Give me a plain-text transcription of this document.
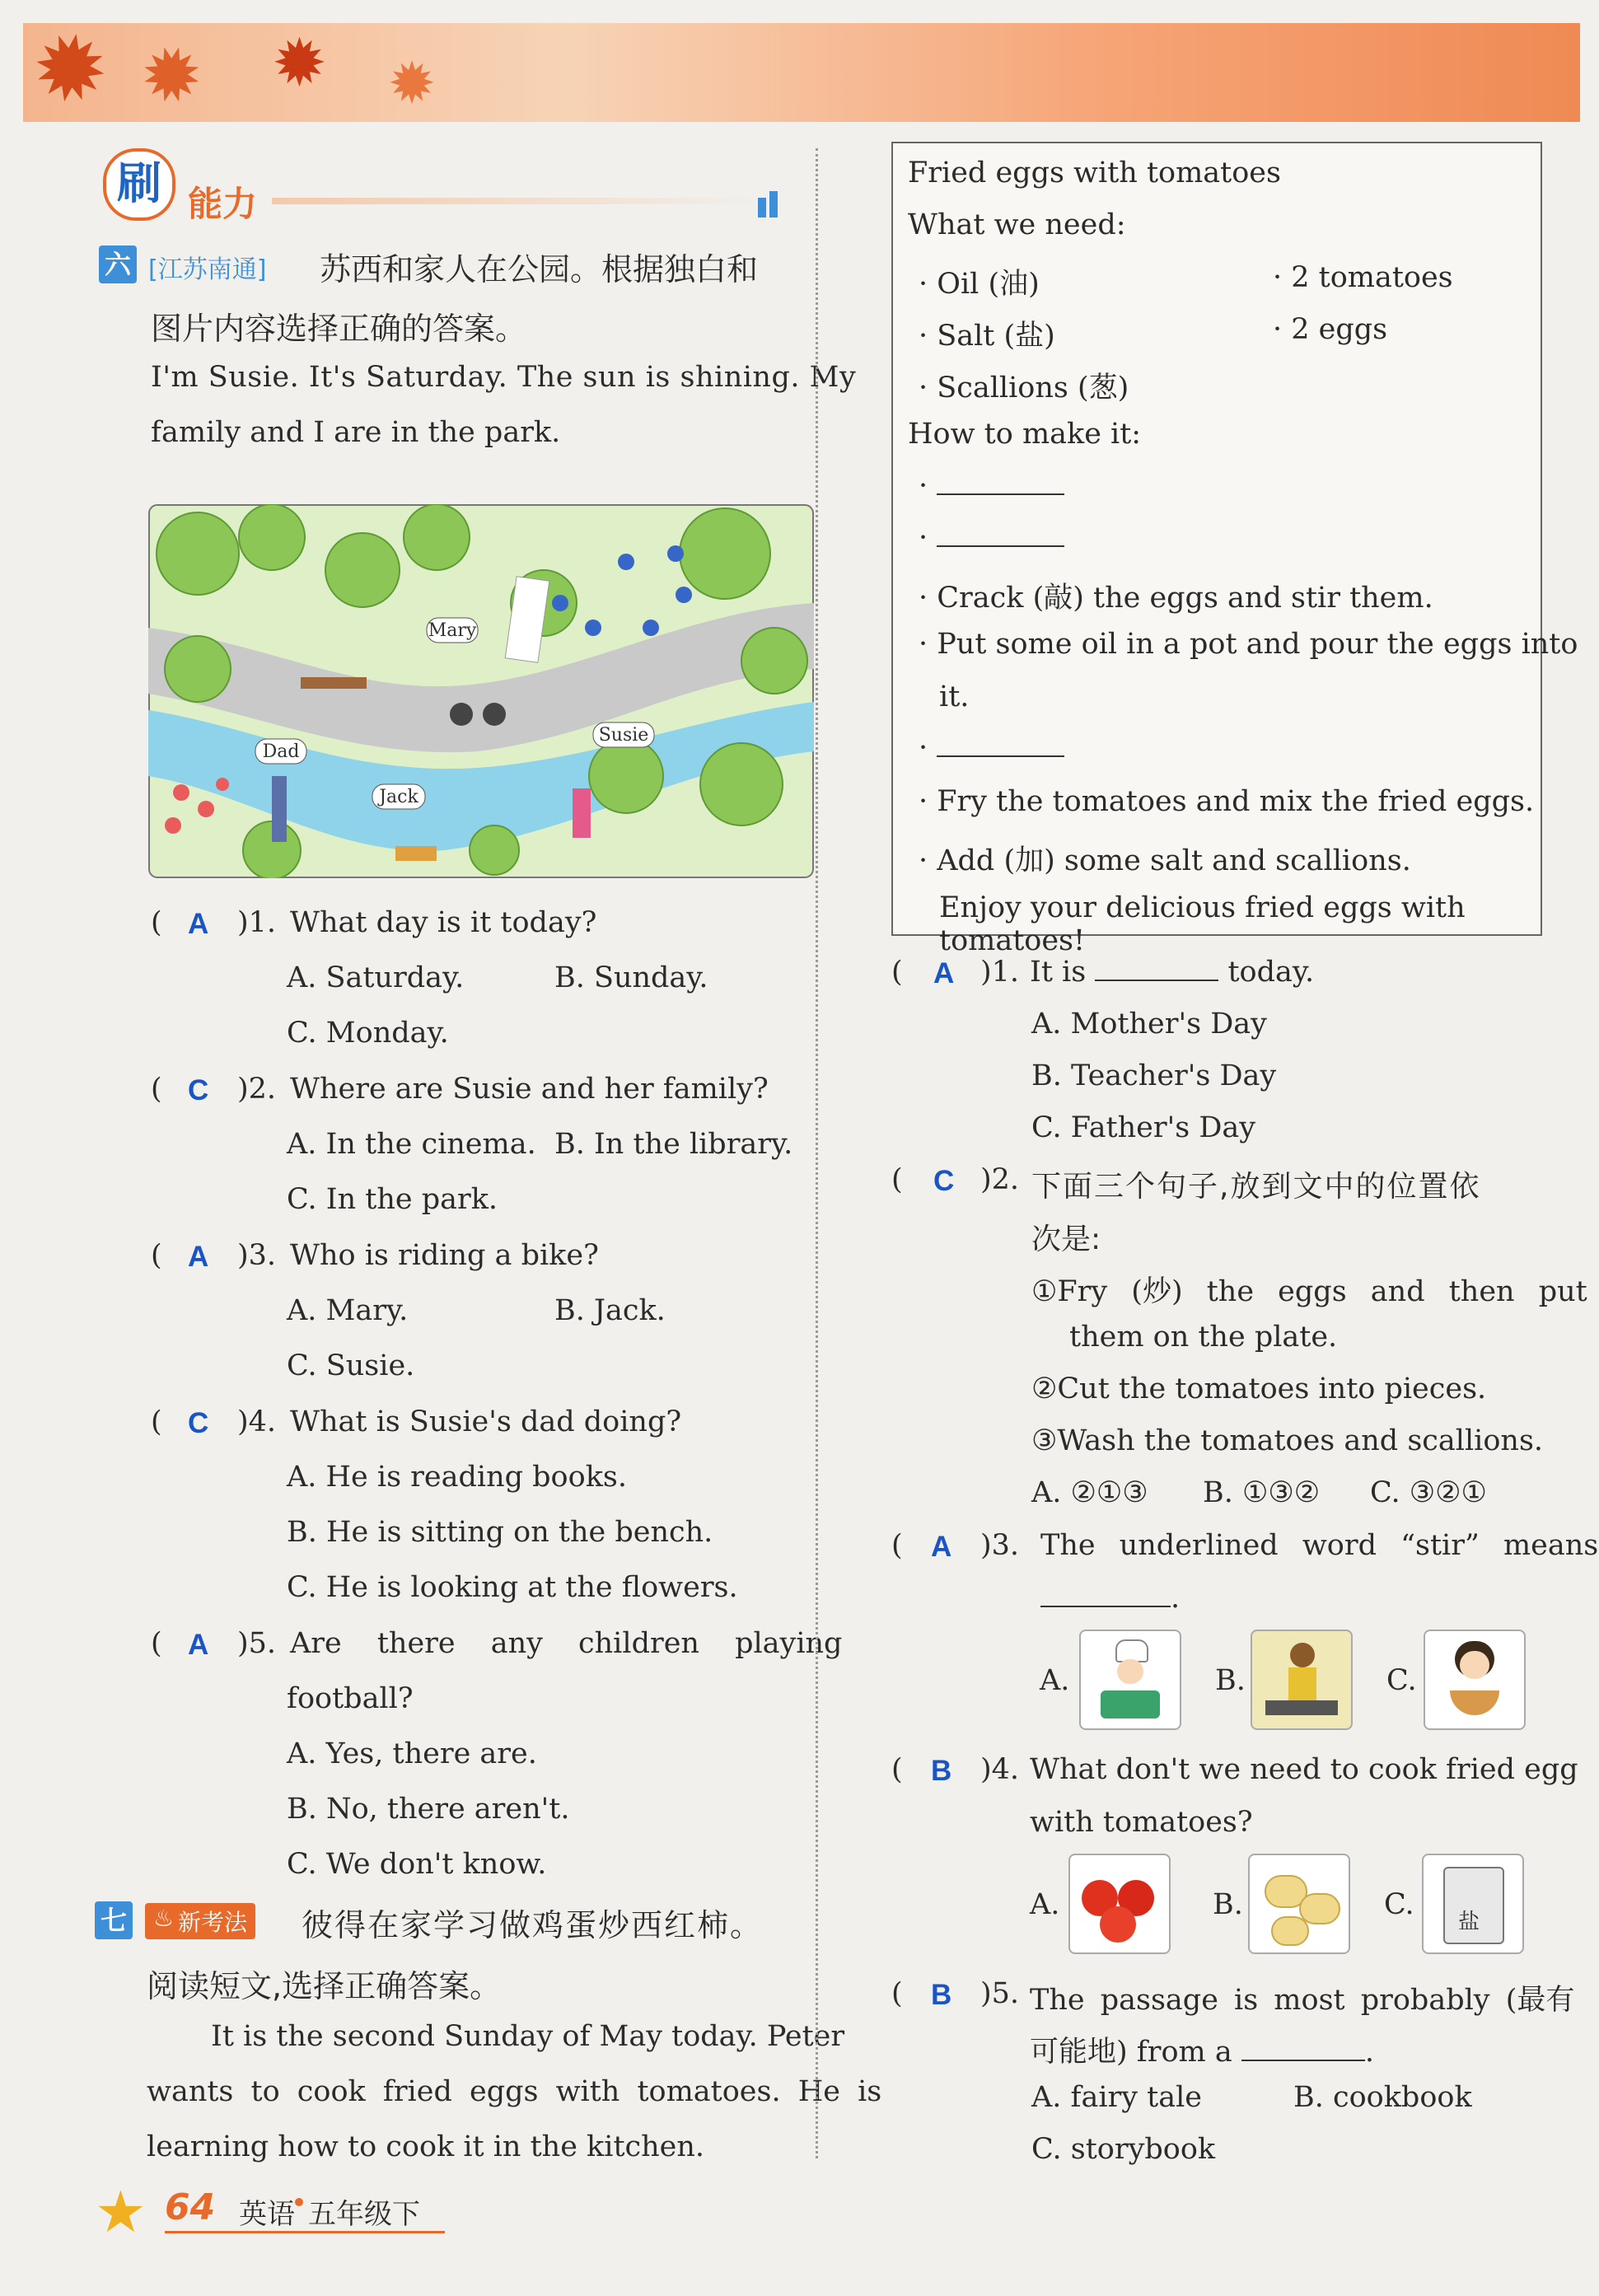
✹ ✹ ✹ ✹
刷 能力
六 [江苏南通] 苏西和家人在公园。根据独白和
图片内容选择正确的答案。
I'm Susie. It's Saturday. The sun is shining. My
family and I are in the park.
Mary
Dad
Jack
Susie
( A )1. What day is it today?
A. Saturday.	B. Sunday.
C. Monday.
( C )2. Where are Susie and her family?
A. In the cinema. B. In the library.
C. In the park.
( A )3. Who is riding a bike?
A. Mary.	B. Jack.
C. Susie.
( C )4. What is Susie's dad doing?
A. He is reading books.
B. He is sitting on the bench.
C. He is looking at the flowers.
( A )5. Are there any children playing
football?
A. Yes, there are.
B. No, there aren't.
C. We don't know.
七 ♨ 新考法 彼得在家学习做鸡蛋炒西红柿。
阅读短文,选择正确答案。
It is the second Sunday of May today. Peter
wants to cook fried eggs with tomatoes. He is
learning how to cook it in the kitchen.
Fried eggs with tomatoes
What we need:
· Oil (油)
· Salt (盐)
· Scallions (葱)
· 2 tomatoes
· 2 eggs
How to make it:
·
·
· Crack (敲) the eggs and stir them.
· Put some oil in a pot and pour the eggs into
it.
·
· Fry the tomatoes and mix the fried eggs.
· Add (加) some salt and scallions.
Enjoy your delicious fried eggs with tomatoes!
( A )1. It is	today.
A. Mother's Day
B. Teacher's Day
C. Father's Day
( C )2. 下面三个句子,放到文中的位置依
次是:
①Fry (炒) the eggs and then put
them on the plate.
②Cut the tomatoes into pieces.
③Wash the tomatoes and scallions.
A. ②①③ B. ①③② C. ③②①
( A )3. The underlined word “stir” means
.
A.	B.	C.
( B )4. What don't we need to cook fried egg
with tomatoes?
A.	B.	C.
盐
( B )5. The passage is most probably (最有
可能地) from a	.
A. fairy tale	B. cookbook
C. storybook
★ 64 英语 五年级下
